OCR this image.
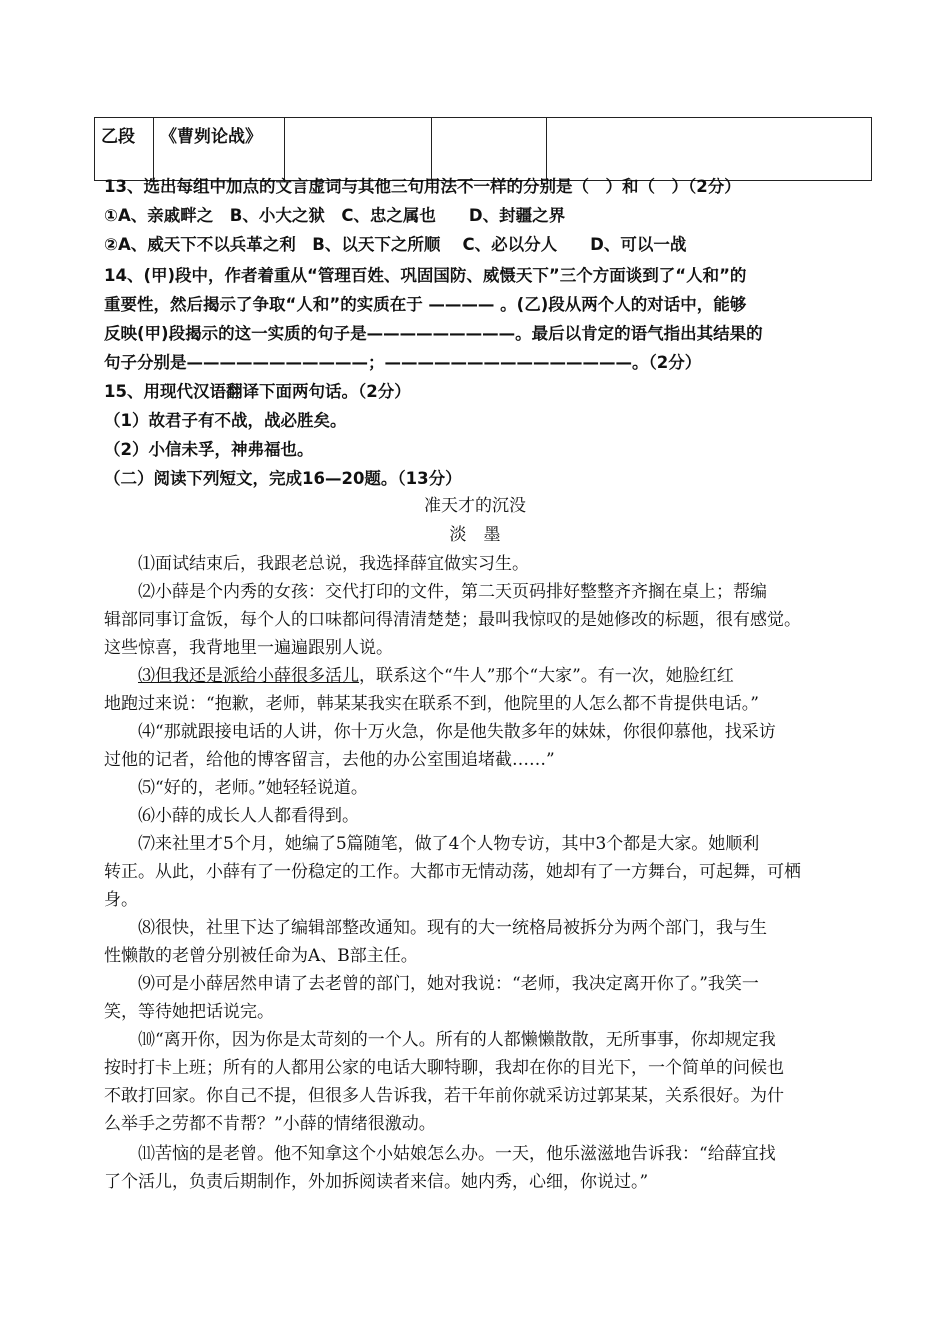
乙段	《曹刿论战》			
13、选出每组中加点的文言虚词与其他三句用法不一样的分别是（　）和（　）（2分）
①A、亲戚畔之　B、小大之狱　C、忠之属也　　D、封疆之界
②A、威天下不以兵革之利　B、以天下之所顺　 C、必以分人　　D、可以一战
14、(甲)段中，作者着重从“管理百姓、巩固国防、威慑天下”三个方面谈到了“人和”的
重要性，然后揭示了争取“人和”的实质在于 ———— 。(乙)段从两个人的对话中，能够
反映(甲)段揭示的这一实质的句子是—————————。最后以肯定的语气指出其结果的
句子分别是———————————；———————————————。（2分）
15、用现代汉语翻译下面两句话。（2分）
（1）故君子有不战，战必胜矣。
（2）小信未孚，神弗福也。
（二）阅读下列短文，完成16—20题。（13分）
准天才的沉没
淡　墨
⑴面试结束后，我跟老总说，我选择薛宜做实习生。
⑵小薛是个内秀的女孩：交代打印的文件，第二天页码排好整整齐齐搁在桌上；帮编
辑部同事订盒饭，每个人的口味都问得清清楚楚；最叫我惊叹的是她修改的标题，很有感觉。
这些惊喜，我背地里一遍遍跟别人说。
⑶但我还是派给小薛很多活儿，联系这个“牛人”那个“大家”。有一次，她脸红红
地跑过来说：“抱歉，老师，韩某某我实在联系不到，他院里的人怎么都不肯提供电话。”
⑷“那就跟接电话的人讲，你十万火急，你是他失散多年的妹妹，你很仰慕他，找采访
过他的记者，给他的博客留言，去他的办公室围追堵截……”
⑸“好的，老师。”她轻轻说道。
⑹小薛的成长人人都看得到。
⑺来社里才5个月，她编了5篇随笔，做了4个人物专访，其中3个都是大家。她顺利
转正。从此，小薛有了一份稳定的工作。大都市无情动荡，她却有了一方舞台，可起舞，可栖
身。
⑻很快，社里下达了编辑部整改通知。现有的大一统格局被拆分为两个部门，我与生
性懒散的老曾分别被任命为A、B部主任。
⑼可是小薛居然申请了去老曾的部门，她对我说：“老师，我决定离开你了。”我笑一
笑，等待她把话说完。
⑽“离开你，因为你是太苛刻的一个人。所有的人都懒懒散散，无所事事，你却规定我
按时打卡上班；所有的人都用公家的电话大聊特聊，我却在你的目光下，一个简单的问候也
不敢打回家。你自己不提，但很多人告诉我，若干年前你就采访过郭某某，关系很好。为什
么举手之劳都不肯帮？”小薛的情绪很激动。
⑾苦恼的是老曾。他不知拿这个小姑娘怎么办。一天，他乐滋滋地告诉我：“给薛宜找
了个活儿，负责后期制作，外加拆阅读者来信。她内秀，心细，你说过。”
